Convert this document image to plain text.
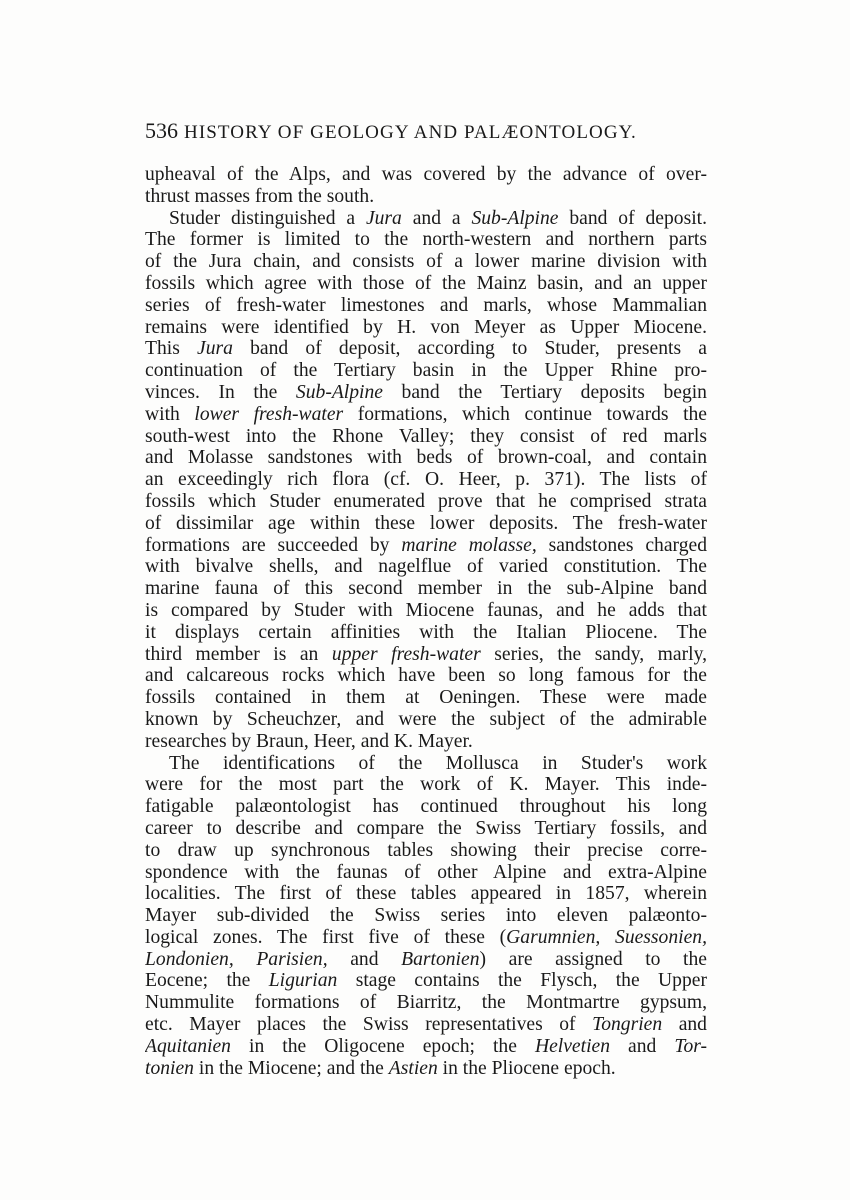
536 HISTORY OF GEOLOGY AND PALÆONTOLOGY.
upheaval of the Alps, and was covered by the advance of over-
thrust masses from the south.
Studer distinguished a Jura and a Sub-Alpine band of deposit.
The former is limited to the north-western and northern parts
of the Jura chain, and consists of a lower marine division with
fossils which agree with those of the Mainz basin, and an upper
series of fresh-water limestones and marls, whose Mammalian
remains were identified by H. von Meyer as Upper Miocene.
This Jura band of deposit, according to Studer, presents a
continuation of the Tertiary basin in the Upper Rhine pro-
vinces. In the Sub-Alpine band the Tertiary deposits begin
with lower fresh-water formations, which continue towards the
south-west into the Rhone Valley; they consist of red marls
and Molasse sandstones with beds of brown-coal, and contain
an exceedingly rich flora (cf. O. Heer, p. 371). The lists of
fossils which Studer enumerated prove that he comprised strata
of dissimilar age within these lower deposits. The fresh-water
formations are succeeded by marine molasse, sandstones charged
with bivalve shells, and nagelflue of varied constitution. The
marine fauna of this second member in the sub-Alpine band
is compared by Studer with Miocene faunas, and he adds that
it displays certain affinities with the Italian Pliocene. The
third member is an upper fresh-water series, the sandy, marly,
and calcareous rocks which have been so long famous for the
fossils contained in them at Oeningen. These were made
known by Scheuchzer, and were the subject of the admirable
researches by Braun, Heer, and K. Mayer.
The identifications of the Mollusca in Studer's work
were for the most part the work of K. Mayer. This inde-
fatigable palæontologist has continued throughout his long
career to describe and compare the Swiss Tertiary fossils, and
to draw up synchronous tables showing their precise corre-
spondence with the faunas of other Alpine and extra-Alpine
localities. The first of these tables appeared in 1857, wherein
Mayer sub-divided the Swiss series into eleven palæonto-
logical zones. The first five of these (Garumnien, Suessonien,
Londonien, Parisien, and Bartonien) are assigned to the
Eocene; the Ligurian stage contains the Flysch, the Upper
Nummulite formations of Biarritz, the Montmartre gypsum,
etc. Mayer places the Swiss representatives of Tongrien and
Aquitanien in the Oligocene epoch; the Helvetien and Tor-
tonien in the Miocene; and the Astien in the Pliocene epoch.
